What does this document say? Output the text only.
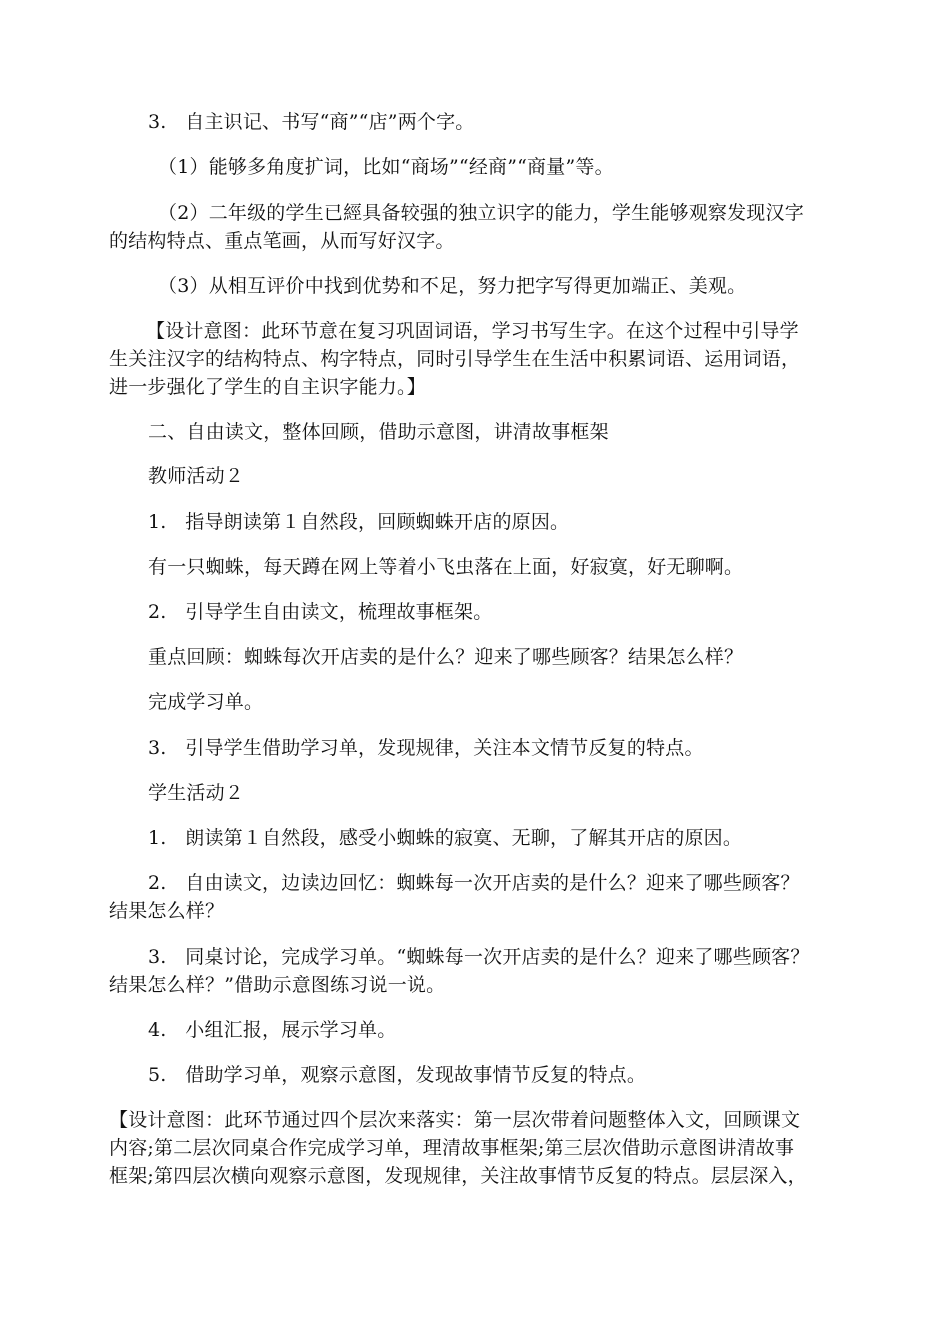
3.   自主识记、书写“商”“店”两个字。
（1）能够多角度扩词，比如“商场”“经商”“商量”等。
（2）二年级的学生已經具备较强的独立识字的能力，学生能够观察发现汉字
的结构特点、重点笔画，从而写好汉字。
（3）从相互评价中找到优势和不足，努力把字写得更加端正、美观。
【设计意图：此环节意在复习巩固词语，学习书写生字。在这个过程中引导学
生关注汉字的结构特点、构字特点，同时引导学生在生活中积累词语、运用词语，
进一步强化了学生的自主识字能力。】
二、自由读文，整体回顾，借助示意图，讲清故事框架
教师活动２
1.   指导朗读第１自然段，回顾蜘蛛开店的原因。
有一只蜘蛛，每天蹲在网上等着小飞虫落在上面，好寂寞，好无聊啊。
2.   引导学生自由读文，梳理故事框架。
重点回顾：蜘蛛每次开店卖的是什么？迎来了哪些顾客？结果怎么样？
完成学习单。
3.   引导学生借助学习单，发现规律，关注本文情节反复的特点。
学生活动２
1.   朗读第１自然段，感受小蜘蛛的寂寞、无聊，了解其开店的原因。
2.   自由读文，边读边回忆：蜘蛛每一次开店卖的是什么？迎来了哪些顾客？
结果怎么样？
3.   同桌讨论，完成学习单。“蜘蛛每一次开店卖的是什么？迎来了哪些顾客？
结果怎么样？”借助示意图练习说一说。
4.   小组汇报，展示学习单。
5.   借助学习单，观察示意图，发现故事情节反复的特点。
【设计意图：此环节通过四个层次来落实：第一层次带着问题整体入文，回顾课文
内容;第二层次同桌合作完成学习单，理清故事框架;第三层次借助示意图讲清故事
框架;第四层次横向观察示意图，发现规律，关注故事情节反复的特点。层层深入，
